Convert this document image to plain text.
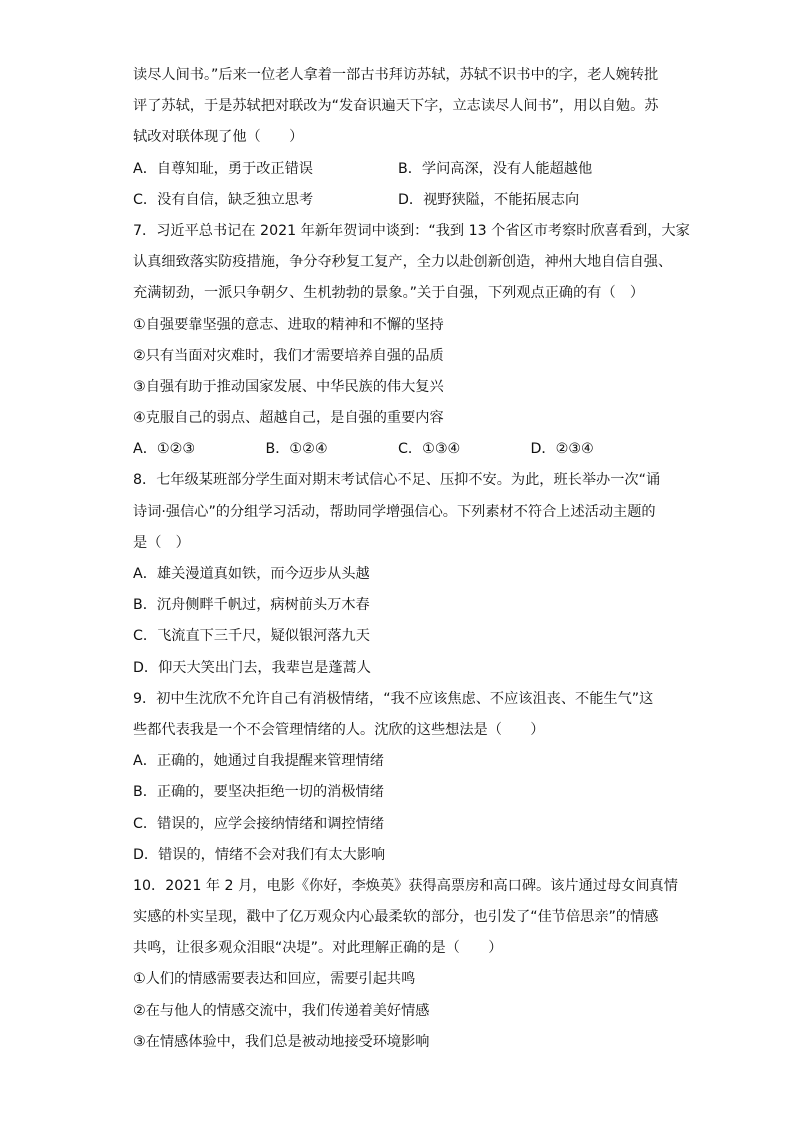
读尽人间书。”后来一位老人拿着一部古书拜访苏轼，苏轼不识书中的字，老人婉转批
评了苏轼，于是苏轼把对联改为“发奋识遍天下字，立志读尽人间书”，用以自勉。苏
轼改对联体现了他（　　）
A．自尊知耻，勇于改正错误	B．学问高深，没有人能超越他
C．没有自信，缺乏独立思考	D．视野狭隘，不能拓展志向
7．习近平总书记在 2021 年新年贺词中谈到：“我到 13 个省区市考察时欣喜看到，大家
认真细致落实防疫措施，争分夺秒复工复产，全力以赴创新创造，神州大地自信自强、
充满韧劲，一派只争朝夕、生机勃勃的景象。”关于自强，下列观点正确的有（　）
①自强要靠坚强的意志、进取的精神和不懈的坚持
②只有当面对灾难时，我们才需要培养自强的品质
③自强有助于推动国家发展、中华民族的伟大复兴
④克服自己的弱点、超越自己，是自强的重要内容
A．①②③	B．①②④	C．①③④	D．②③④
8．七年级某班部分学生面对期末考试信心不足、压抑不安。为此，班长举办一次“诵
诗词·强信心”的分组学习活动，帮助同学增强信心。下列素材不符合上述活动主题的
是（　）
A．雄关漫道真如铁，而今迈步从头越
B．沉舟侧畔千帆过，病树前头万木春
C．飞流直下三千尺，疑似银河落九天
D．仰天大笑出门去，我辈岂是蓬蒿人
9．初中生沈欣不允许自己有消极情绪，“我不应该焦虑、不应该沮丧、不能生气”这
些都代表我是一个不会管理情绪的人。沈欣的这些想法是（　　）
A．正确的，她通过自我提醒来管理情绪
B．正确的，要坚决拒绝一切的消极情绪
C．错误的，应学会接纳情绪和调控情绪
D．错误的，情绪不会对我们有太大影响
10．2021 年 2 月，电影《你好，李焕英》获得高票房和高口碑。该片通过母女间真情
实感的朴实呈现，戳中了亿万观众内心最柔软的部分，也引发了“佳节倍思亲”的情感
共鸣，让很多观众泪眼“决堤”。对此理解正确的是（　　）
①人们的情感需要表达和回应，需要引起共鸣
②在与他人的情感交流中，我们传递着美好情感
③在情感体验中，我们总是被动地接受环境影响
